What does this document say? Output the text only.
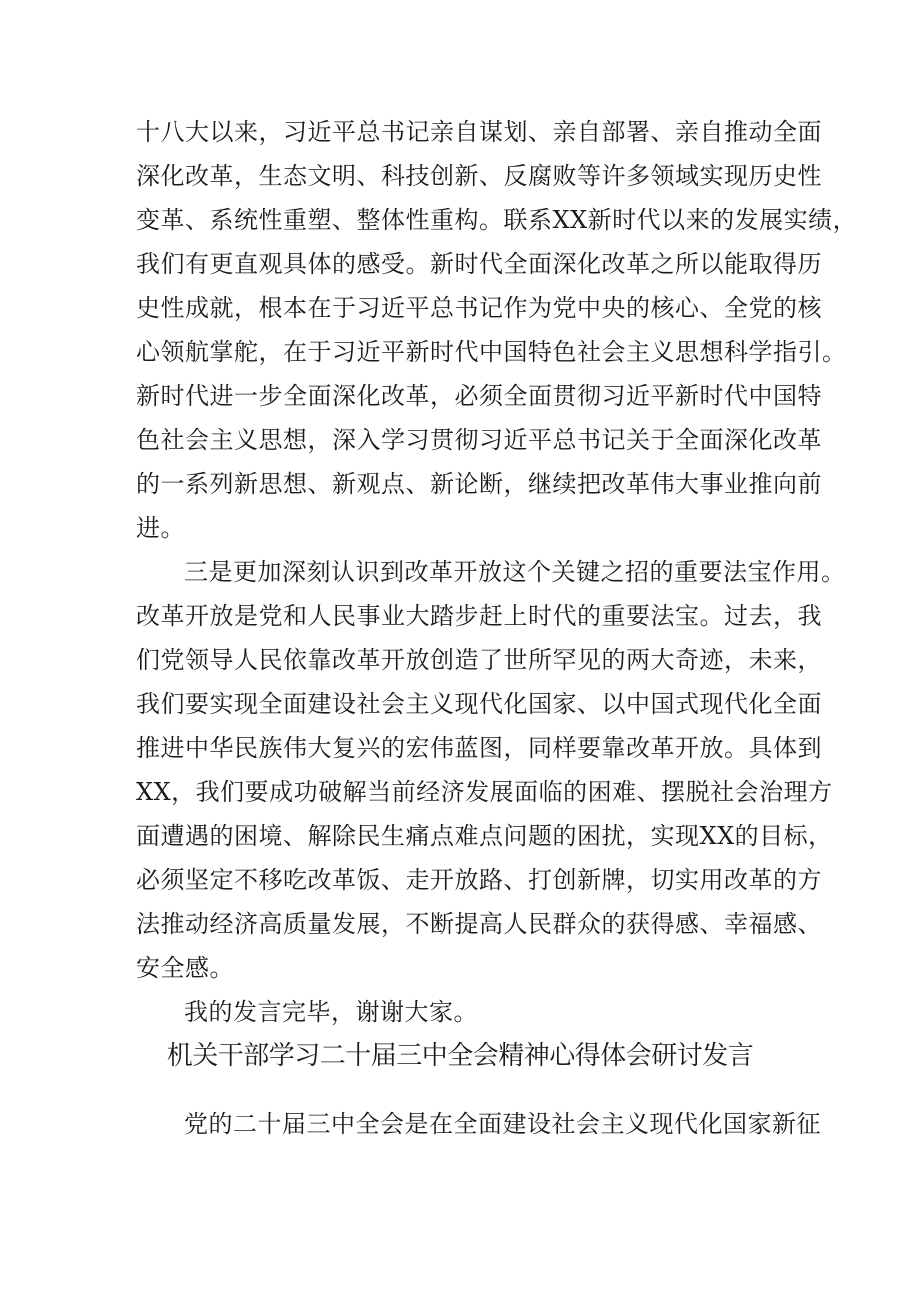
十八大以来，习近平总书记亲自谋划、亲自部署、亲自推动全面
深化改革，生态文明、科技创新、反腐败等许多领域实现历史性
变革、系统性重塑、整体性重构。联系XX新时代以来的发展实绩，
我们有更直观具体的感受。新时代全面深化改革之所以能取得历
史性成就，根本在于习近平总书记作为党中央的核心、全党的核
心领航掌舵，在于习近平新时代中国特色社会主义思想科学指引。
新时代进一步全面深化改革，必须全面贯彻习近平新时代中国特
色社会主义思想，深入学习贯彻习近平总书记关于全面深化改革
的一系列新思想、新观点、新论断，继续把改革伟大事业推向前
进。
三是更加深刻认识到改革开放这个关键之招的重要法宝作用。
改革开放是党和人民事业大踏步赶上时代的重要法宝。过去，我
们党领导人民依靠改革开放创造了世所罕见的两大奇迹，未来，
我们要实现全面建设社会主义现代化国家、以中国式现代化全面
推进中华民族伟大复兴的宏伟蓝图，同样要靠改革开放。具体到
XX，我们要成功破解当前经济发展面临的困难、摆脱社会治理方
面遭遇的困境、解除民生痛点难点问题的困扰，实现XX的目标，
必须坚定不移吃改革饭、走开放路、打创新牌，切实用改革的方
法推动经济高质量发展，不断提高人民群众的获得感、幸福感、
安全感。
我的发言完毕，谢谢大家。
机关干部学习二十届三中全会精神心得体会研讨发言
党的二十届三中全会是在全面建设社会主义现代化国家新征
